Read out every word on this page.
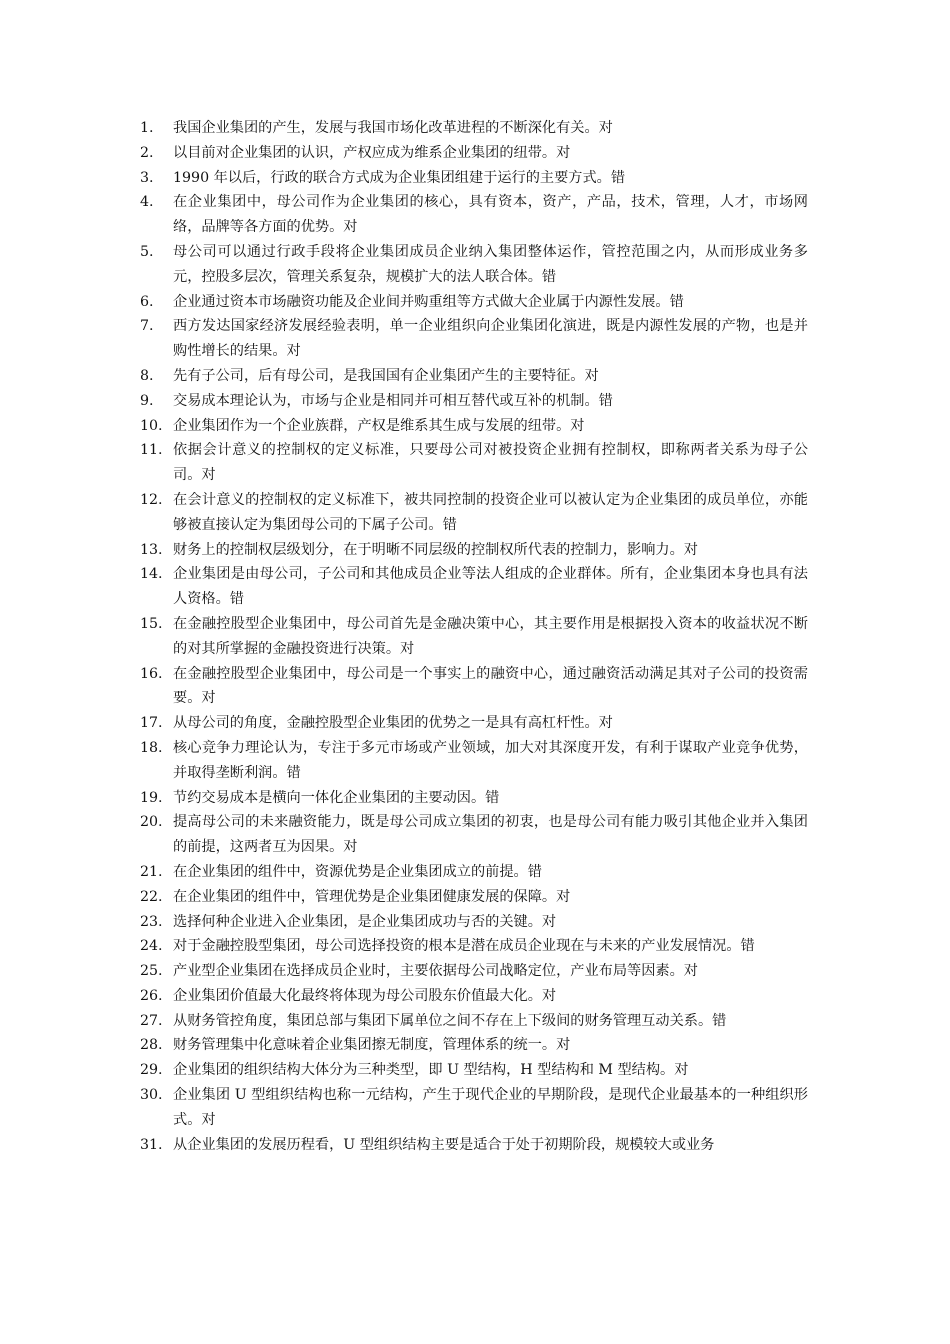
1.	我国企业集团的产生，发展与我国市场化改革进程的不断深化有关。对
2.	以目前对企业集团的认识，产权应成为维系企业集团的纽带。对
3.	1990 年以后，行政的联合方式成为企业集团组建于运行的主要方式。错
4.	在企业集团中，母公司作为企业集团的核心，具有资本，资产，产品，技术，管理，人才，市场网络，品牌等各方面的优势。对
5.	母公司可以通过行政手段将企业集团成员企业纳入集团整体运作，管控范围之内，从而形成业务多元，控股多层次，管理关系复杂，规模扩大的法人联合体。错
6.	企业通过资本市场融资功能及企业间并购重组等方式做大企业属于内源性发展。错
7.	西方发达国家经济发展经验表明，单一企业组织向企业集团化演进，既是内源性发展的产物，也是并购性增长的结果。对
8.	先有子公司，后有母公司，是我国国有企业集团产生的主要特征。对
9.	交易成本理论认为，市场与企业是相同并可相互替代或互补的机制。错
10. 企业集团作为一个企业族群，产权是维系其生成与发展的纽带。对
11. 依据会计意义的控制权的定义标准，只要母公司对被投资企业拥有控制权，即称两者关系为母子公司。对
12. 在会计意义的控制权的定义标准下，被共同控制的投资企业可以被认定为企业集团的成员单位，亦能够被直接认定为集团母公司的下属子公司。错
13. 财务上的控制权层级划分，在于明晰不同层级的控制权所代表的控制力，影响力。对
14. 企业集团是由母公司，子公司和其他成员企业等法人组成的企业群体。所有，企业集团本身也具有法人资格。错
15. 在金融控股型企业集团中，母公司首先是金融决策中心，其主要作用是根据投入资本的收益状况不断的对其所掌握的金融投资进行决策。对
16. 在金融控股型企业集团中，母公司是一个事实上的融资中心，通过融资活动满足其对子公司的投资需要。对
17. 从母公司的角度，金融控股型企业集团的优势之一是具有高杠杆性。对
18. 核心竞争力理论认为，专注于多元市场或产业领域，加大对其深度开发，有利于谋取产业竞争优势，并取得垄断利润。错
19. 节约交易成本是横向一体化企业集团的主要动因。错
20. 提高母公司的未来融资能力，既是母公司成立集团的初衷，也是母公司有能力吸引其他企业并入集团的前提，这两者互为因果。对
21. 在企业集团的组件中，资源优势是企业集团成立的前提。错
22. 在企业集团的组件中，管理优势是企业集团健康发展的保障。对
23. 选择何种企业进入企业集团，是企业集团成功与否的关键。对
24. 对于金融控股型集团，母公司选择投资的根本是潜在成员企业现在与未来的产业发展情况。错
25. 产业型企业集团在选择成员企业时，主要依据母公司战略定位，产业布局等因素。对
26. 企业集团价值最大化最终将体现为母公司股东价值最大化。对
27. 从财务管控角度，集团总部与集团下属单位之间不存在上下级间的财务管理互动关系。错
28. 财务管理集中化意味着企业集团擦无制度，管理体系的统一。对
29. 企业集团的组织结构大体分为三种类型，即 U 型结构，H 型结构和 M 型结构。对
30. 企业集团 U 型组织结构也称一元结构，产生于现代企业的早期阶段，是现代企业最基本的一种组织形式。对
31. 从企业集团的发展历程看，U 型组织结构主要是适合于处于初期阶段，规模较大或业务
